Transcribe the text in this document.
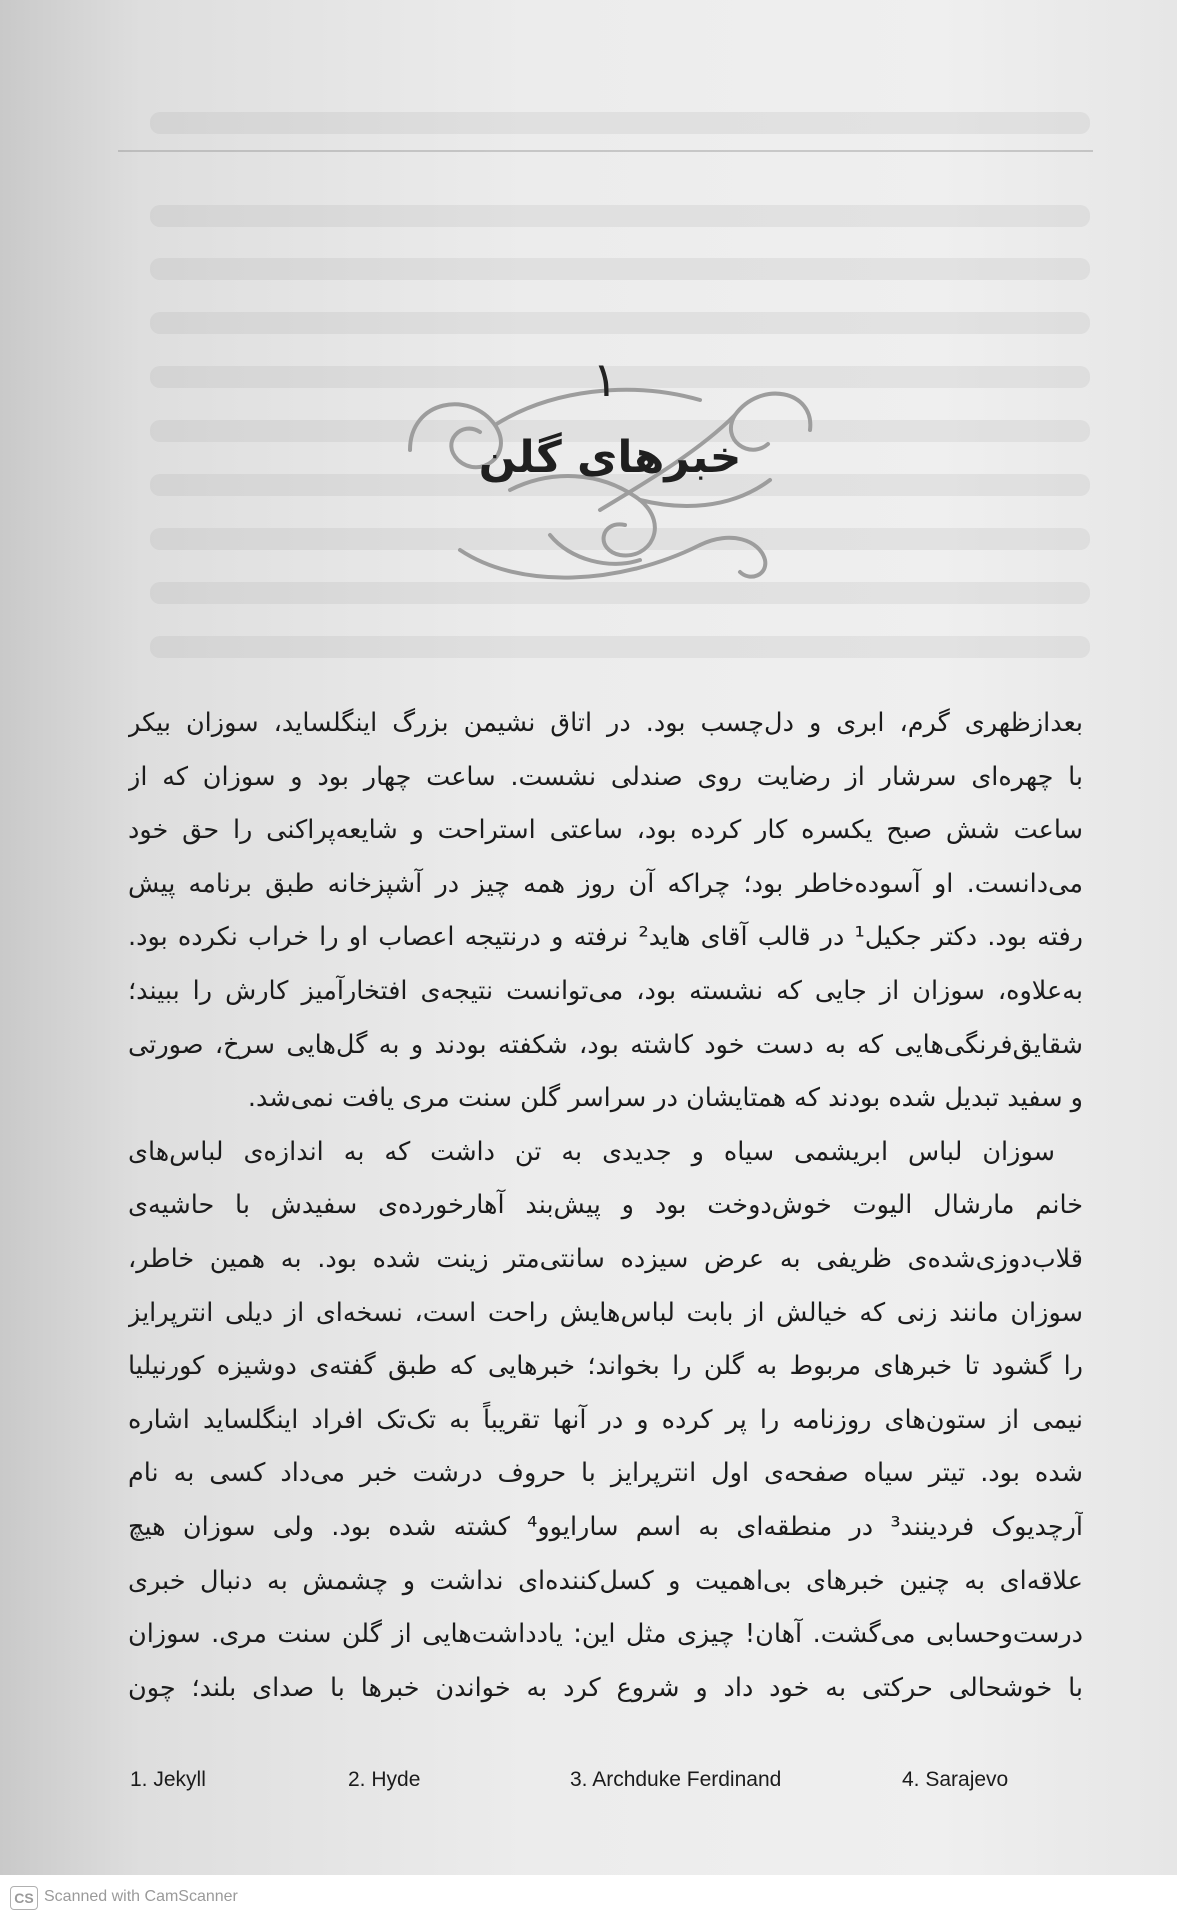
۱
خبرهای گلن
بعدازظهری گرم، ابری و دل‌چسب بود. در اتاق نشیمن بزرگ اینگلساید، سوزان بیکر
با چهره‌ای سرشار از رضایت روی صندلی نشست. ساعت چهار بود و سوزان که از
ساعت شش صبح یکسره کار کرده بود، ساعتی استراحت و شایعه‌پراکنی را حق خود
می‌دانست. او آسوده‌خاطر بود؛ چراکه آن روز همه چیز در آشپزخانه طبق برنامه پیش
رفته بود. دکتر جکیل¹ در قالب آقای هاید² نرفته و درنتیجه اعصاب او را خراب نکرده بود.
به‌علاوه، سوزان از جایی که نشسته بود، می‌توانست نتیجه‌ی افتخارآمیز کارش را ببیند؛
شقایق‌فرنگی‌هایی که به دست خود کاشته بود، شکفته بودند و به گل‌هایی سرخ، صورتی
و سفید تبدیل شده بودند که همتایشان در سراسر گلن سنت مری یافت نمی‌شد.
سوزان لباس ابریشمی سیاه و جدیدی به تن داشت که به اندازه‌ی لباس‌های
خانم مارشال الیوت خوش‌دوخت بود و پیش‌بند آهارخورده‌ی سفیدش با حاشیه‌ی
قلاب‌دوزی‌شده‌ی ظریفی به عرض سیزده سانتی‌متر زینت شده بود. به همین خاطر،
سوزان مانند زنی که خیالش از بابت لباس‌هایش راحت است، نسخه‌ای از دیلی انترپرایز
را گشود تا خبرهای مربوط به گلن را بخواند؛ خبرهایی که طبق گفته‌ی دوشیزه کورنیلیا
نیمی از ستون‌های روزنامه را پر کرده و در آنها تقریباً به تک‌تک افراد اینگلساید اشاره
شده بود. تیتر سیاه صفحه‌ی اول انترپرایز با حروف درشت خبر می‌داد کسی به نام
آرچدیوک فردینند³ در منطقه‌ای به اسم سارایوو⁴ کشته شده بود. ولی سوزان هیچ
علاقه‌ای به چنین خبرهای بی‌اهمیت و کسل‌کننده‌ای نداشت و چشمش به دنبال خبری
درست‌وحسابی می‌گشت. آهان! چیزی مثل این: یادداشت‌هایی از گلن سنت مری. سوزان
با خوشحالی حرکتی به خود داد و شروع کرد به خواندن خبرها با صدای بلند؛ چون
1. Jekyll	2. Hyde	3. Archduke Ferdinand	4. Sarajevo
CS Scanned with CamScanner
